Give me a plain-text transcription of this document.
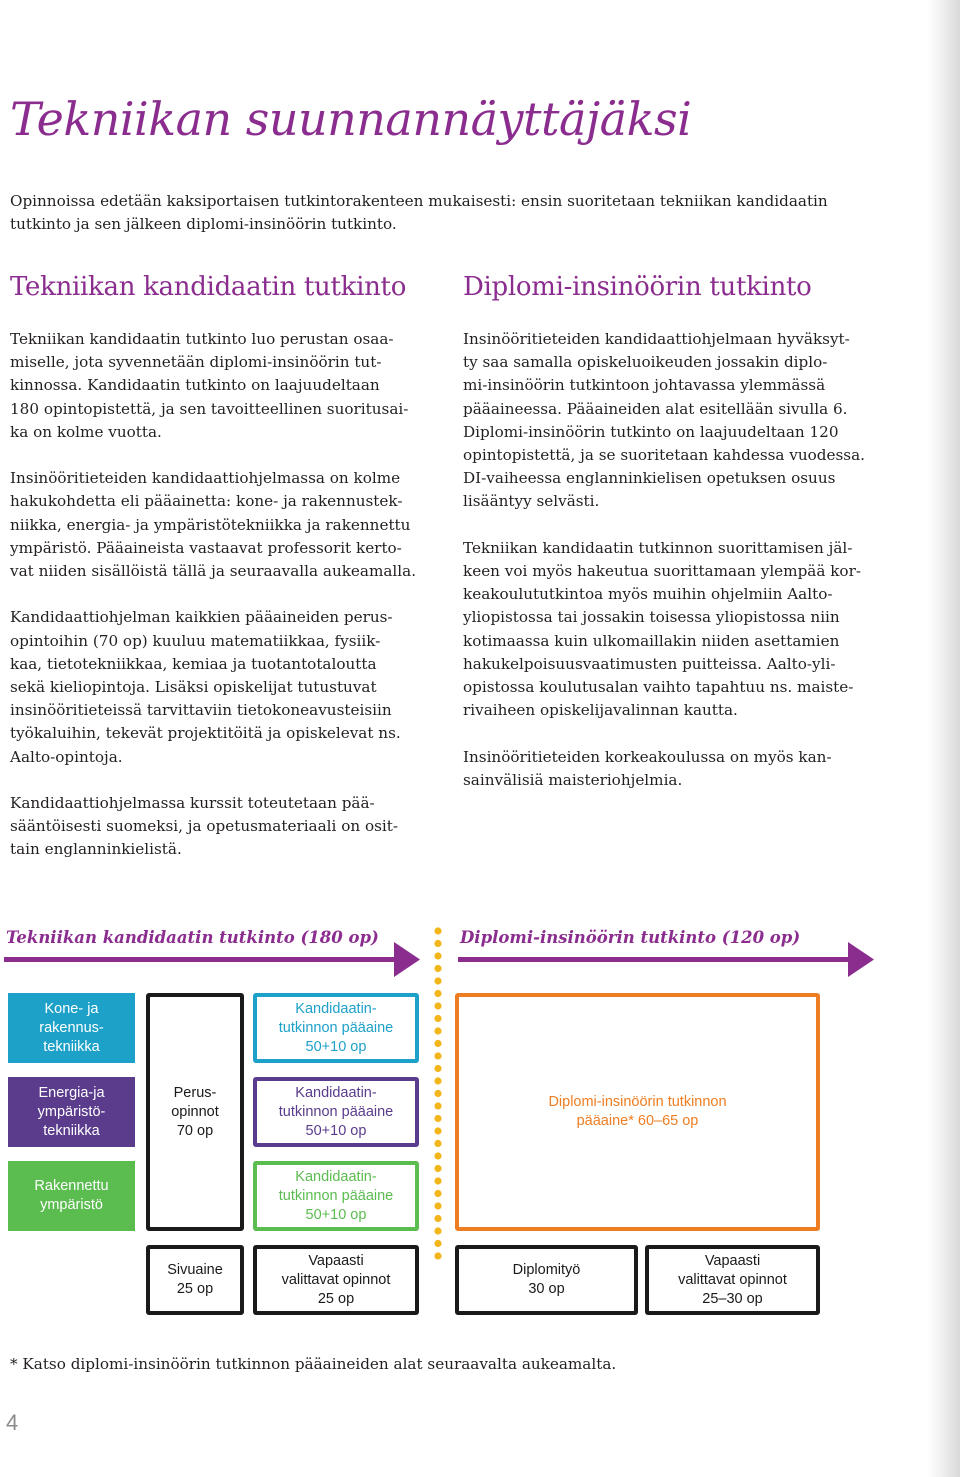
Tekniikan suunnannäyttäjäksi

Opinnoissa edetään kaksiportaisen tutkintorakenteen mukaisesti: ensin suoritetaan tekniikan kandidaatin
tutkinto ja sen jälkeen diplomi-insinöörin tutkinto.

Tekniikan kandidaatin tutkinto Diplomi-insinöörin tutkinto

Tekniikan kandidaatin tutkinto luo perustan osaa-
miselle, jota syvennetään diplomi-insinöörin tut-
kinnossa. Kandidaatin tutkinto on laajuudeltaan
180 opintopistettä, ja sen tavoitteellinen suoritusai-
ka on kolme vuotta.

Insinööritieteiden kandidaattiohjelmassa on kolme
hakukohdetta eli pääainetta: kone- ja rakennustek-
niikka, energia- ja ympäristötekniikka ja rakennettu
ympäristö. Pääaineista vastaavat professorit kerto-
vat niiden sisällöistä tällä ja seuraavalla aukeamalla.

Kandidaattiohjelman kaikkien pääaineiden perus-
opintoihin (70 op) kuuluu matematiikkaa, fysiik-
kaa, tietotekniikkaa, kemiaa ja tuotantotaloutta
sekä kieliopintoja. Lisäksi opiskelijat tutustuvat
insinööritieteissä tarvittaviin tietokoneavusteisiin
työkaluihin, tekevät projektitöitä ja opiskelevat ns.
Aalto-opintoja.

Kandidaattiohjelmassa kurssit toteutetaan pää-
sääntöisesti suomeksi, ja opetusmateriaali on osit-
tain englanninkielistä.

Insinööritieteiden kandidaattiohjelmaan hyväksyt-
ty saa samalla opiskeluoikeuden jossakin diplo-
mi-insinöörin tutkintoon johtavassa ylemmässä
pääaineessa. Pääaineiden alat esitellään sivulla 6.
Diplomi-insinöörin tutkinto on laajuudeltaan 120
opintopistettä, ja se suoritetaan kahdessa vuodessa.
DI-vaiheessa englanninkielisen opetuksen osuus
lisääntyy selvästi.

Tekniikan kandidaatin tutkinnon suorittamisen jäl-
keen voi myös hakeutua suorittamaan ylempää kor-
keakoulututkintoa myös muihin ohjelmiin Aalto-
yliopistossa tai jossakin toisessa yliopistossa niin
kotimaassa kuin ulkomaillakin niiden asettamien
hakukelpoisuusvaatimusten puitteissa. Aalto-yli-
opistossa koulutusalan vaihto tapahtuu ns. maiste-
rivaiheen opiskelijavalinnan kautta.

Insinööritieteiden korkeakoulussa on myös kan-
sainvälisiä maisteriohjelmia.

Tekniikan kandidaatin tutkinto (180 op)	Diplomi-insinöörin tutkinto (120 op)
Kone- ja
rakennus-
tekniikka
Kandidaatin-
tutkinnon pääaine
50+10 op
Energia-ja
ympäristö-
tekniikka
Kandidaatin-
tutkinnon pääaine
50+10 op
Rakennettu
ympäristö
Kandidaatin-
tutkinnon pääaine
50+10 op
Perus-
opinnot
70 op
Diplomi-insinöörin tutkinnon
pääaine* 60–65 op
Sivuaine
25 op
Vapaasti
valittavat opinnot
25 op
Diplomityö
30 op
Vapaasti
valittavat opinnot
25–30 op

* Katso diplomi-insinöörin tutkinnon pääaineiden alat seuraavalta aukeamalta.

4
